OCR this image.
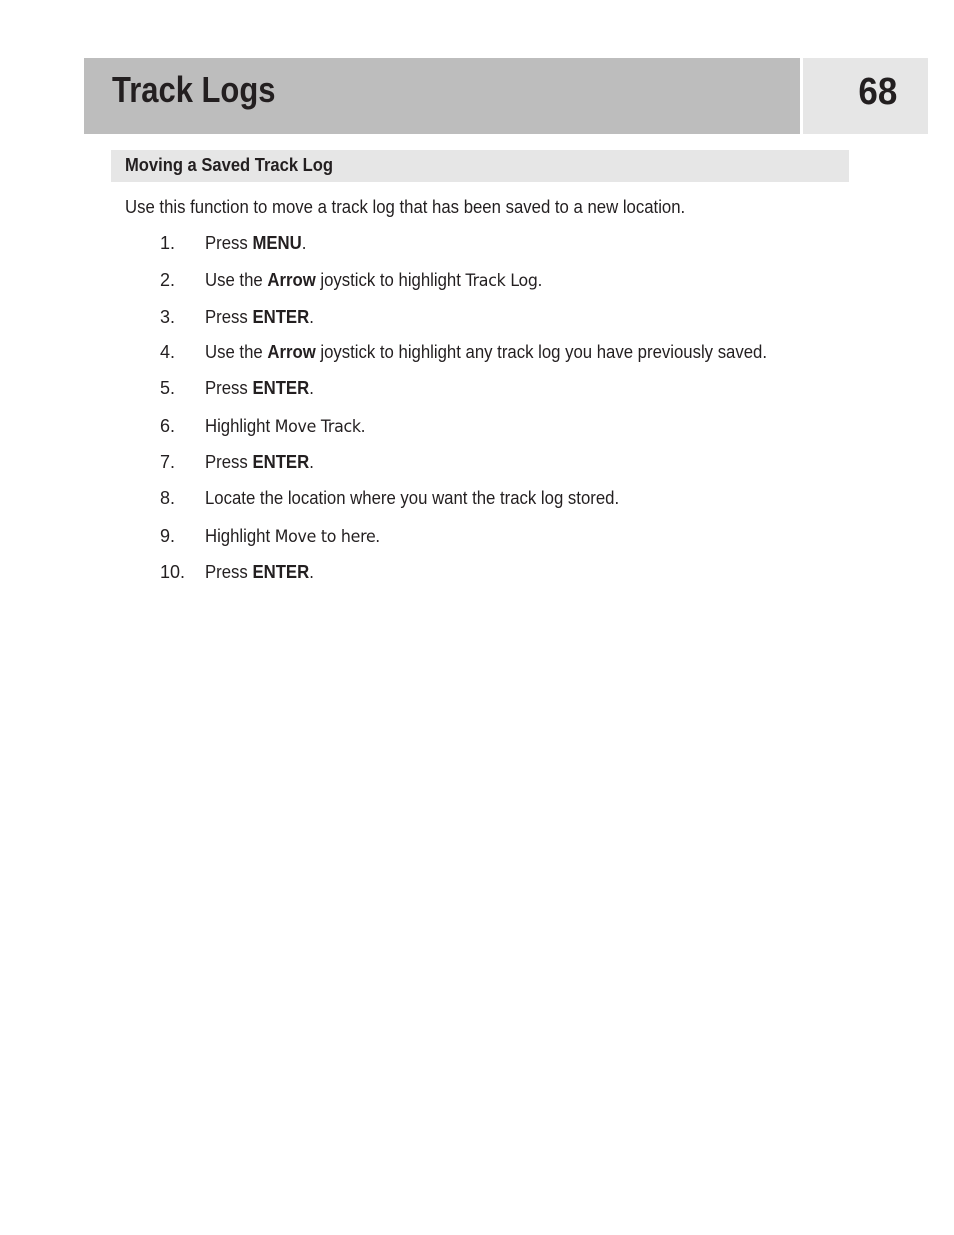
Track Logs	68
Moving a Saved Track Log

Use this function to move a track log that has been saved to a new location.

1.	Press MENU.
2.	Use the Arrow joystick to highlight Track Log.
3.	Press ENTER.
4.	Use the Arrow joystick to highlight any track log you have previously saved.
5.	Press ENTER.
6.	Highlight Move Track.
7.	Press ENTER.
8.	Locate the location where you want the track log stored.
9.	Highlight Move to here.
10.	Press ENTER.
